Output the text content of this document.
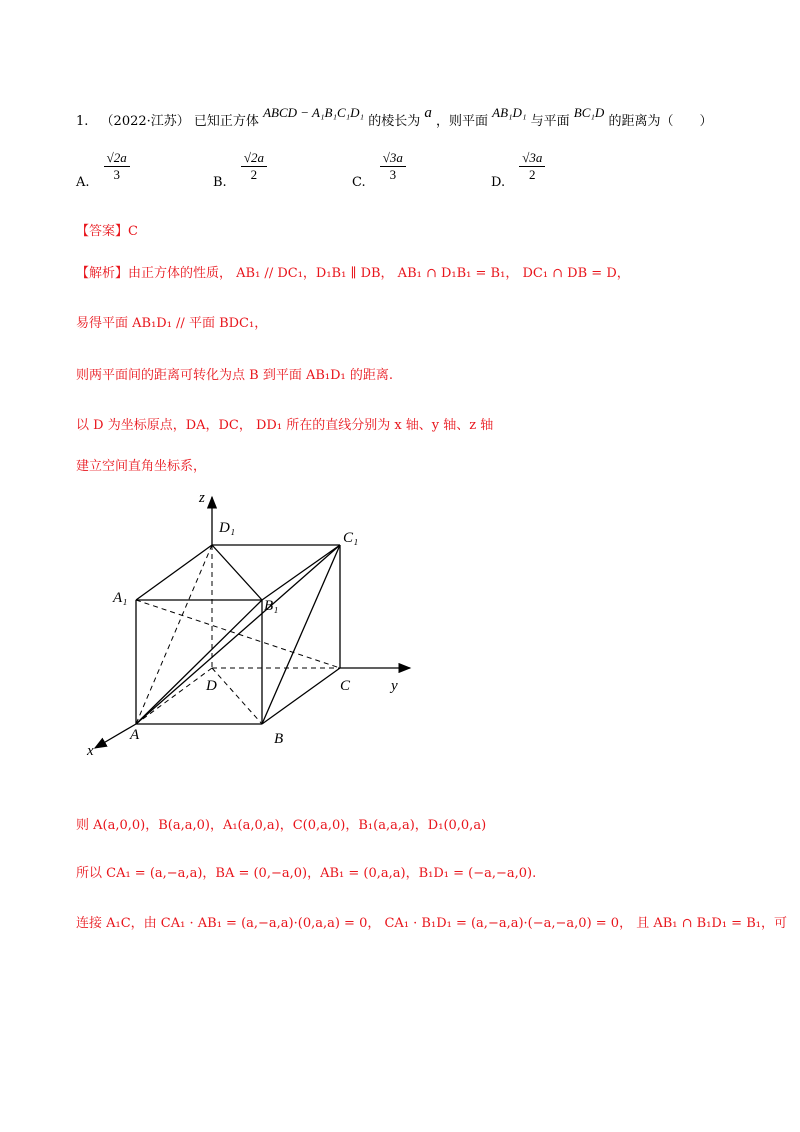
1. （2022·江苏） 已知正方体 ABCD − A₁B₁C₁D₁ 的棱长为 a ，则平面 AB₁D₁ 与平面 BC₁D 的距离为（　　）
A. $\frac{√2a}{3}$	B. $\frac{√2a}{2}$	C. $\frac{√3a}{3}$	D. $\frac{√3a}{2}$
【答案】C
【解析】由正方体的性质， AB₁ // DC₁，D₁B₁ ∥ DB， AB₁ ∩ D₁B₁ = B₁， DC₁ ∩ DB = D，
易得平面 AB₁D₁ // 平面 BDC₁，
则两平面间的距离可转化为点 B 到平面 AB₁D₁ 的距离.
以 D 为坐标原点，DA，DC， DD₁ 所在的直线分别为 x 轴、y 轴、z 轴
建立空间直角坐标系，
z
D₁
C₁
A₁	B₁
D	C	y
A	B
x
则 A(a,0,0)，B(a,a,0)，A₁(a,0,a)，C(0,a,0)，B₁(a,a,a)，D₁(0,0,a)
所以 CA₁ = (a,−a,a)，BA = (0,−a,0)，AB₁ = (0,a,a)，B₁D₁ = (−a,−a,0).
连接 A₁C，由 CA₁ · AB₁ = (a,−a,a)·(0,a,a) = 0， CA₁ · B₁D₁ = (a,−a,a)·(−a,−a,0) = 0， 且 AB₁ ∩ B₁D₁ = B₁，可
